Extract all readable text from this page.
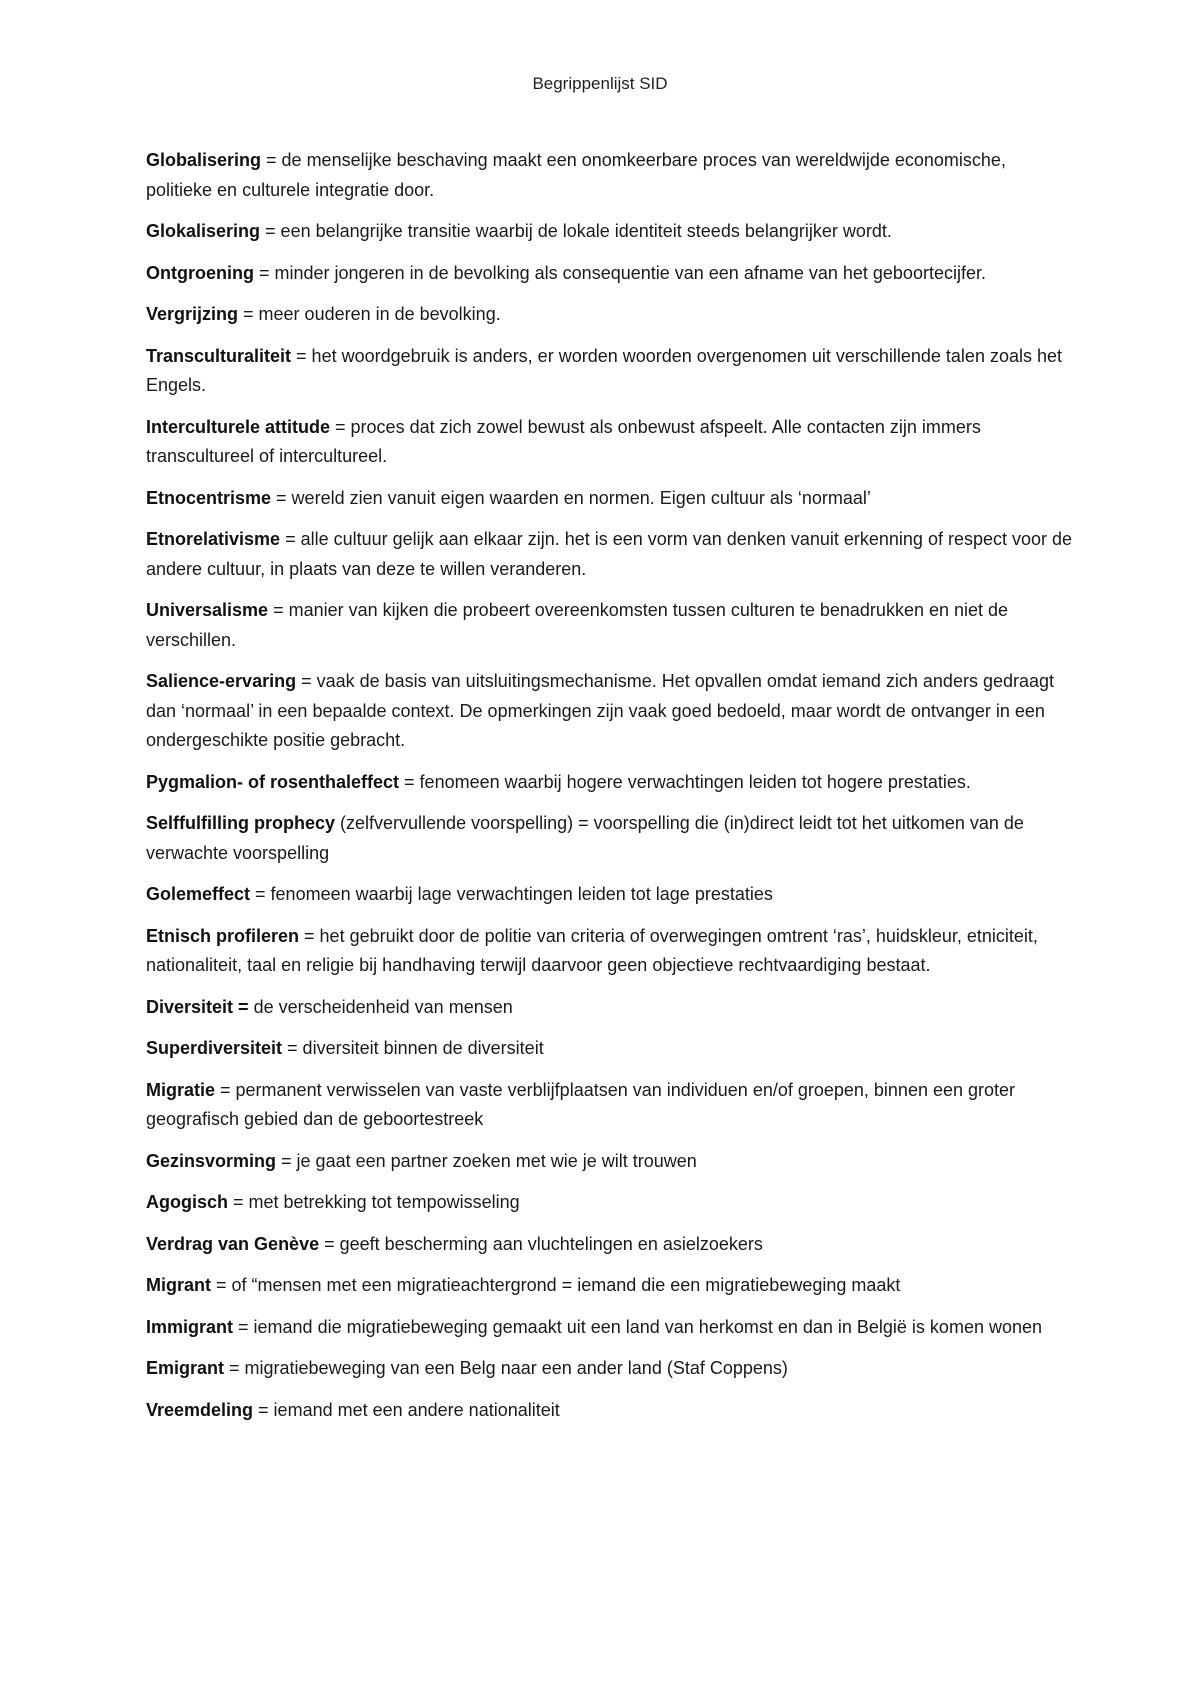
Begrippenlijst SID

Globalisering = de menselijke beschaving maakt een onomkeerbare proces van wereldwijde economische, politieke en culturele integratie door.

Glokalisering = een belangrijke transitie waarbij de lokale identiteit steeds belangrijker wordt.

Ontgroening = minder jongeren in de bevolking als consequentie van een afname van het geboortecijfer.

Vergrijzing = meer ouderen in de bevolking.

Transculturaliteit = het woordgebruik is anders, er worden woorden overgenomen uit verschillende talen zoals het Engels.

Interculturele attitude = proces dat zich zowel bewust als onbewust afspeelt. Alle contacten zijn immers transcultureel of intercultureel.

Etnocentrisme = wereld zien vanuit eigen waarden en normen. Eigen cultuur als ‘normaal’

Etnorelativisme = alle cultuur gelijk aan elkaar zijn. het is een vorm van denken vanuit erkenning of respect voor de andere cultuur, in plaats van deze te willen veranderen.

Universalisme = manier van kijken die probeert overeenkomsten tussen culturen te benadrukken en niet de verschillen.

Salience-ervaring = vaak de basis van uitsluitingsmechanisme. Het opvallen omdat iemand zich anders gedraagt dan ‘normaal’ in een bepaalde context. De opmerkingen zijn vaak goed bedoeld, maar wordt de ontvanger in een ondergeschikte positie gebracht.

Pygmalion- of rosenthaleffect = fenomeen waarbij hogere verwachtingen leiden tot hogere prestaties.

Selffulfilling prophecy (zelfvervullende voorspelling) = voorspelling die (in)direct leidt tot het uitkomen van de verwachte voorspelling

Golemeffect = fenomeen waarbij lage verwachtingen leiden tot lage prestaties

Etnisch profileren = het gebruikt door de politie van criteria of overwegingen omtrent ‘ras’, huidskleur, etniciteit, nationaliteit, taal en religie bij handhaving terwijl daarvoor geen objectieve rechtvaardiging bestaat.

Diversiteit = de verscheidenheid van mensen

Superdiversiteit = diversiteit binnen de diversiteit

Migratie = permanent verwisselen van vaste verblijfplaatsen van individuen en/of groepen, binnen een groter geografisch gebied dan de geboortestreek

Gezinsvorming = je gaat een partner zoeken met wie je wilt trouwen

Agogisch = met betrekking tot tempowisseling

Verdrag van Genève = geeft bescherming aan vluchtelingen en asielzoekers

Migrant = of “mensen met een migratieachtergrond = iemand die een migratiebeweging maakt

Immigrant = iemand die migratiebeweging gemaakt uit een land van herkomst en dan in België is komen wonen

Emigrant = migratiebeweging van een Belg naar een ander land (Staf Coppens)

Vreemdeling = iemand met een andere nationaliteit
